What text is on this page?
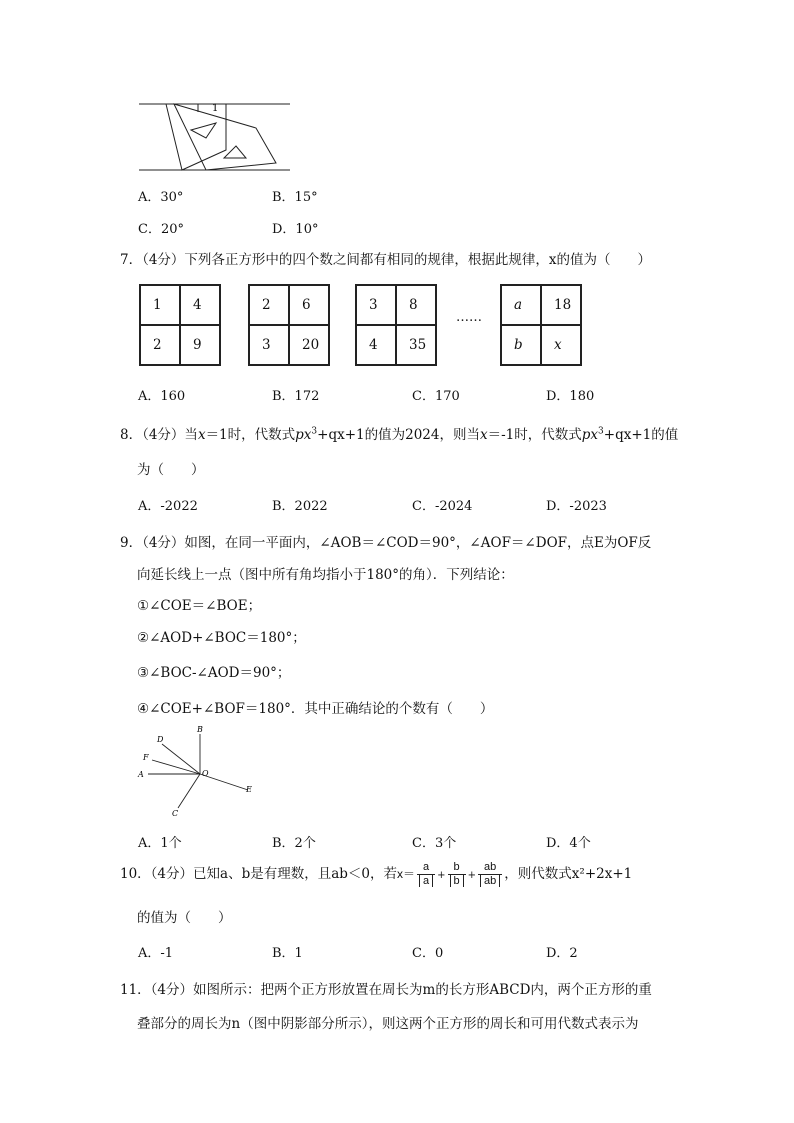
1
A．30°	B．15°
C．20°	D．10°
7．（4分）下列各正方形中的四个数之间都有相同的规律，根据此规律，x的值为（　　）
1	4
2	9
2	6
3	20
3	8
4	35
……
a	18
b	x
A．160	B．172	C．170	D．180
8．（4分）当x＝1时，代数式$px^3+qx+1$的值为2024，则当x＝-1时，代数式$px^3+qx+1$的值
为（　　）
A．-2022	B．2022	C．-2024	D．-2023
9．（4分）如图，在同一平面内，∠AOB＝∠COD＝90°，∠AOF＝∠DOF，点E为OF反
向延长线上一点（图中所有角均指小于180°的角）．下列结论：
①∠COE＝∠BOE；
②∠AOD+∠BOC＝180°；
③∠BOC-∠AOD＝90°；
④∠COE+∠BOF＝180°．其中正确结论的个数有（　　）
B
D
F
A	O
C
E
A．1个	B．2个	C．3个	D．4个
10．（4分）已知a、b是有理数，且ab＜0，若$x= \frac{a}{a} + \frac{b}{b} + \frac{ab}{ab}$ ，则代数式x²+2x+1
的值为（　　）
A．-1	B．1	C．0	D．2
11．（4分）如图所示：把两个正方形放置在周长为m的长方形ABCD内，两个正方形的重
叠部分的周长为n（图中阴影部分所示），则这两个正方形的周长和可用代数式表示为
